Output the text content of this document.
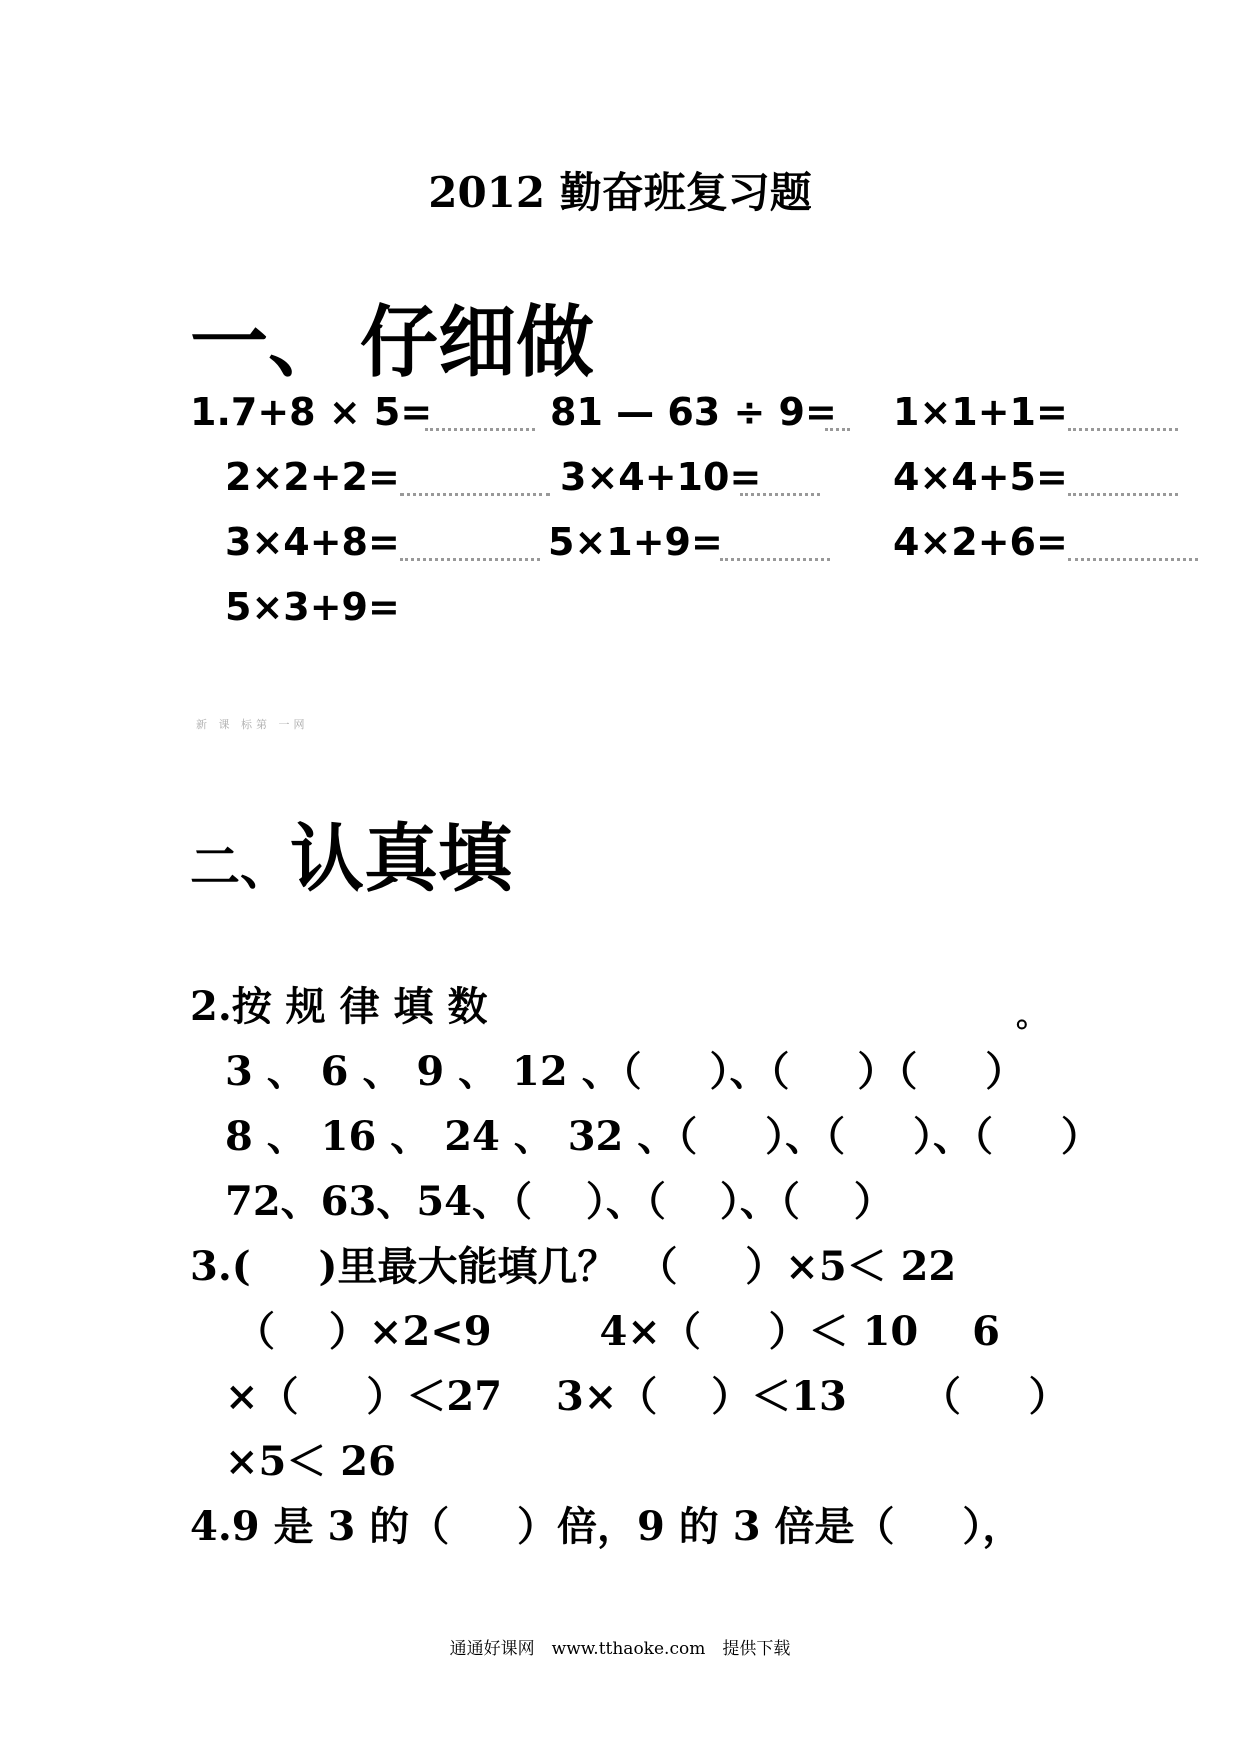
2012 勤奋班复习题
一、 仔细做
1.7+8 × 5=	81 — 63 ÷ 9= 1×1+1=
2×2+2=	3×4+10=	4×4+5=
3×4+8=	5×1+9=	4×2+6=
5×3+9=
新 课 标第 一网
二、认真填
2.按 规 律 填 数	。
3 、 6 、 9 、 12 、（ 　 ）、（ 　 ）（ 　 ）
8 、 16 、 24 、 32 、（ 　 ）、（ 　 ）、（ 　 ）
72、63、54、（ 　）、（ 　）、（ 　）
3.( 　 )里最大能填几？　（ 　 ）×5＜ 22
（ 　）×2<9 　　 4×（ 　 ）＜ 10 　6
×（ 　 ）＜27 　3×（ 　）＜13 　　（ 　 ）
×5＜ 26
4.9 是 3 的（ 　 ）倍，9 的 3 倍是（ 　 ），
通通好课网　www.tthaoke.com　提供下载
